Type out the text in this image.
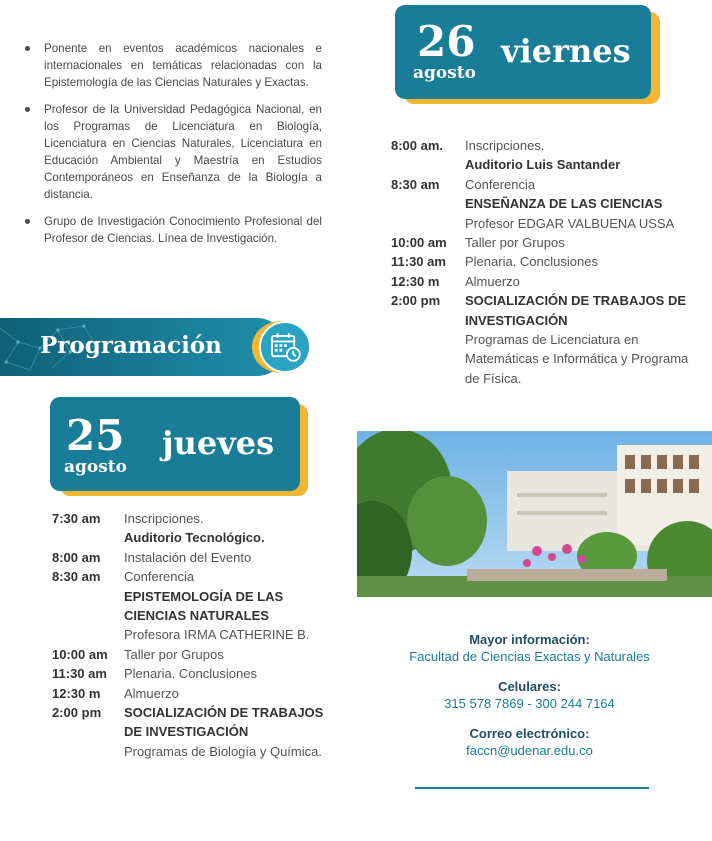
Ponente en eventos académicos nacionales e internacionales en temáticas relacionadas con la Epistemología de las Ciencias Naturales y Exactas.
Profesor de la Universidad Pedagógica Nacional, en los Programas de Licenciatura en Biología, Licenciatura en Ciencias Naturales, Licenciatura en Educación Ambiental y Maestría en Estudios Contemporáneos en Enseñanza de la Biología a distancia.
Grupo de Investigación Conocimiento Profesional del Profesor de Ciencias. Línea de Investigación.
26
agosto
viernes
8:00 am.	Inscripciones.
Auditorio Luis Santander
8:30 am	Conferencia
ENSEÑANZA DE LAS CIENCIAS
Profesor EDGAR VALBUENA USSA
10:00 am	Taller por Grupos
11:30 am	Plenaria. Conclusiones
12:30 m	Almuerzo
2:00 pm	SOCIALIZACIÓN DE TRABAJOS DE INVESTIGACIÓN
Programas de Licenciatura en Matemáticas e Informática y Programa de Física.
Programación
25
agosto
jueves
7:30 am	Inscripciones.
Auditorio Tecnológico.
8:00 am	Instalación del Evento
8:30 am	Conferencia
EPISTEMOLOGÍA DE LAS CIENCIAS NATURALES
Profesora IRMA CATHERINE B.
10:00 am	Taller por Grupos
11:30 am	Plenaria. Conclusiones
12:30 m	Almuerzo
2:00 pm	SOCIALIZACIÓN DE TRABAJOS DE INVESTIGACIÓN
Programas de Biología y Química.
Mayor información:
Facultad de Ciencias Exactas y Naturales
Celulares:
315 578 7869 - 300 244 7164
Correo electrónico:
faccn@udenar.edu.co
